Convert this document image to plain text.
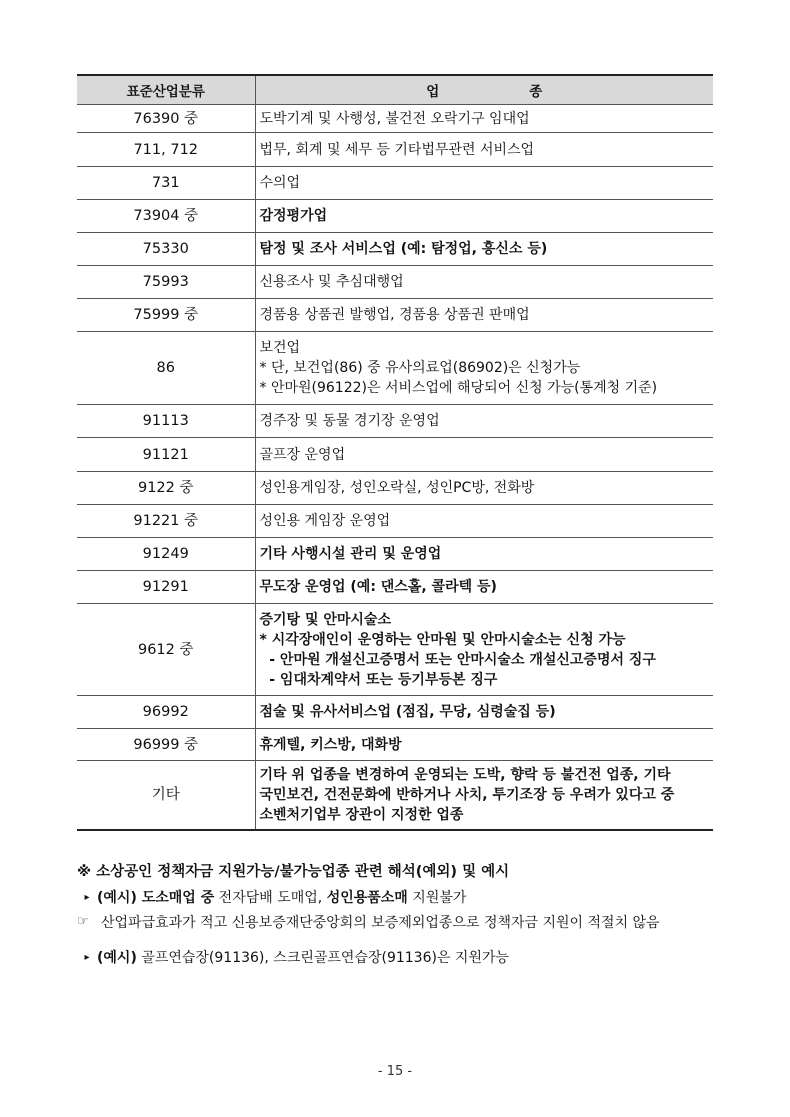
표준산업분류	업 종
76390 중	도박기계 및 사행성, 불건전 오락기구 임대업

711, 712	법무, 회계 및 세무 등 기타법무관련 서비스업

731	수의업

73904 중	감정평가업

75330	탐정 및 조사 서비스업 (예: 탐정업, 흥신소 등)

75993	신용조사 및 추심대행업

75999 중	경품용 상품권 발행업, 경품용 상품권 판매업

86	보건업
* 단, 보건업(86) 중 유사의료업(86902)은 신청가능
* 안마원(96122)은 서비스업에 해당되어 신청 가능(통계청 기준)

91113	경주장 및 동물 경기장 운영업

91121	골프장 운영업

9122 중	성인용게임장, 성인오락실, 성인PC방, 전화방

91221 중	성인용 게임장 운영업

91249	기타 사행시설 관리 및 운영업

91291	무도장 운영업 (예: 댄스홀, 콜라텍 등)

9612 중	증기탕 및 안마시술소
* 시각장애인이 운영하는 안마원 및 안마시술소는 신청 가능
- 안마원 개설신고증명서 또는 안마시술소 개설신고증명서 징구
- 임대차계약서 또는 등기부등본 징구

96992	점술 및 유사서비스업 (점집, 무당, 심령술집 등)

96999 중	휴게텔, 키스방, 대화방

기타	기타 위 업종을 변경하여 운영되는 도박, 향락 등 불건전 업종, 기타
국민보건, 건전문화에 반하거나 사치, 투기조장 등 우려가 있다고 중
소벤처기업부 장관이 지정한 업종
※ 소상공인 정책자금 지원가능/불가능업종 관련 해석(예외) 및 예시
▸ (예시) 도소매업 중 전자담배 도매업, 성인용품소매 지원불가
☞ 산업파급효과가 적고 신용보증재단중앙회의 보증제외업종으로 정책자금 지원이 적절치 않음
▸ (예시) 골프연습장(91136), 스크린골프연습장(91136)은 지원가능
- 15 -
